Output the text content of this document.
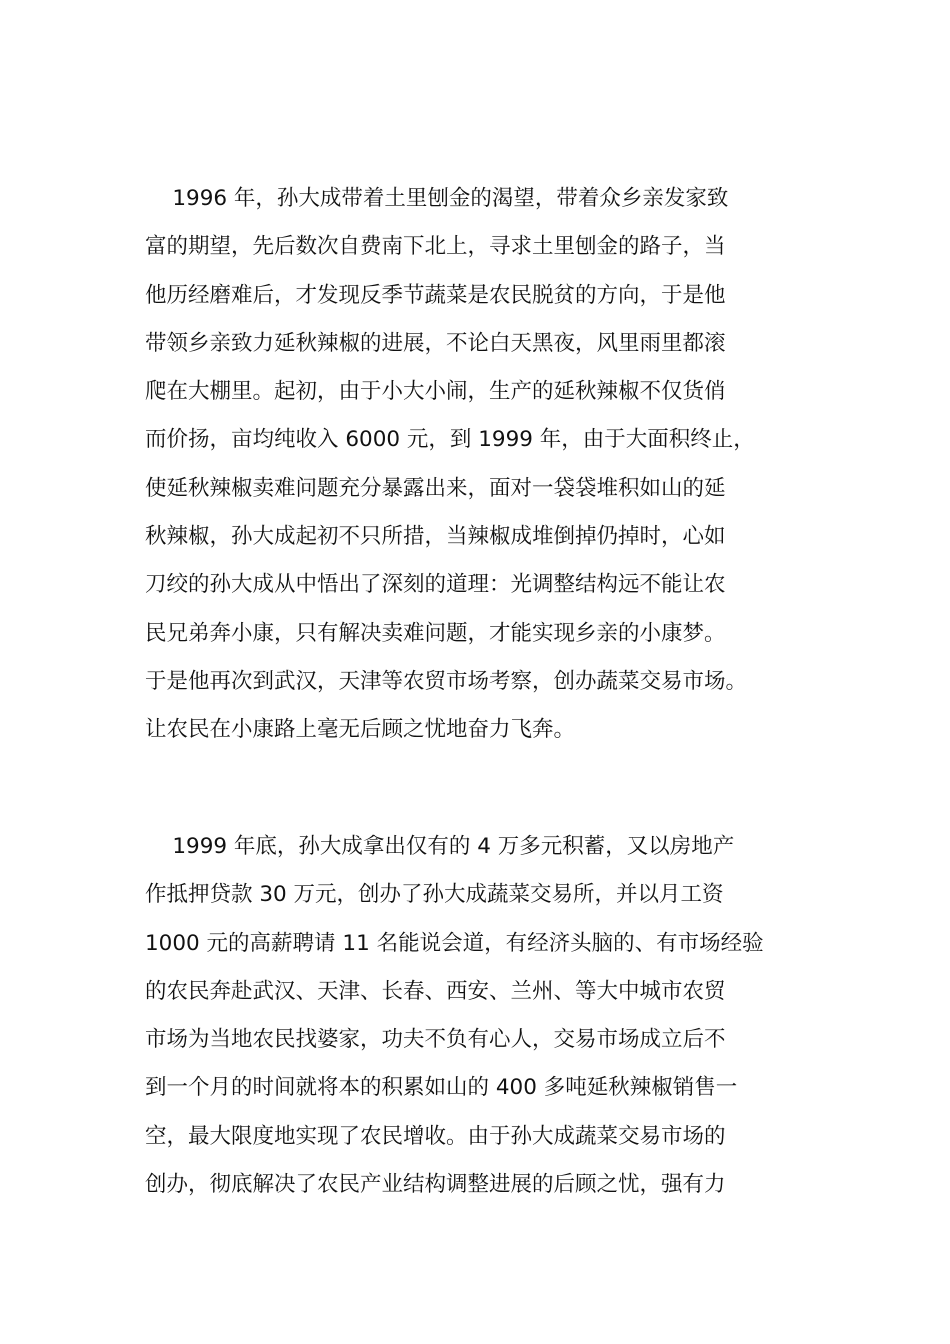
1996 年，孙大成带着土里刨金的渴望，带着众乡亲发家致
富的期望，先后数次自费南下北上，寻求土里刨金的路子，当
他历经磨难后，才发现反季节蔬菜是农民脱贫的方向，于是他
带领乡亲致力延秋辣椒的进展，不论白天黑夜，风里雨里都滚
爬在大棚里。起初，由于小大小闹，生产的延秋辣椒不仅货俏
而价扬，亩均纯收入 6000 元，到 1999 年，由于大面积终止，
使延秋辣椒卖难问题充分暴露出来，面对一袋袋堆积如山的延
秋辣椒，孙大成起初不只所措，当辣椒成堆倒掉仍掉时，心如
刀绞的孙大成从中悟出了深刻的道理：光调整结构远不能让农
民兄弟奔小康，只有解决卖难问题，才能实现乡亲的小康梦。
于是他再次到武汉，天津等农贸市场考察，创办蔬菜交易市场。
让农民在小康路上毫无后顾之忧地奋力飞奔。
1999 年底，孙大成拿出仅有的 4 万多元积蓄，又以房地产
作抵押贷款 30 万元，创办了孙大成蔬菜交易所，并以月工资
1000 元的高薪聘请 11 名能说会道，有经济头脑的、有市场经验
的农民奔赴武汉、天津、长春、西安、兰州、等大中城市农贸
市场为当地农民找婆家，功夫不负有心人，交易市场成立后不
到一个月的时间就将本的积累如山的 400 多吨延秋辣椒销售一
空，最大限度地实现了农民增收。由于孙大成蔬菜交易市场的
创办，彻底解决了农民产业结构调整进展的后顾之忧，强有力
